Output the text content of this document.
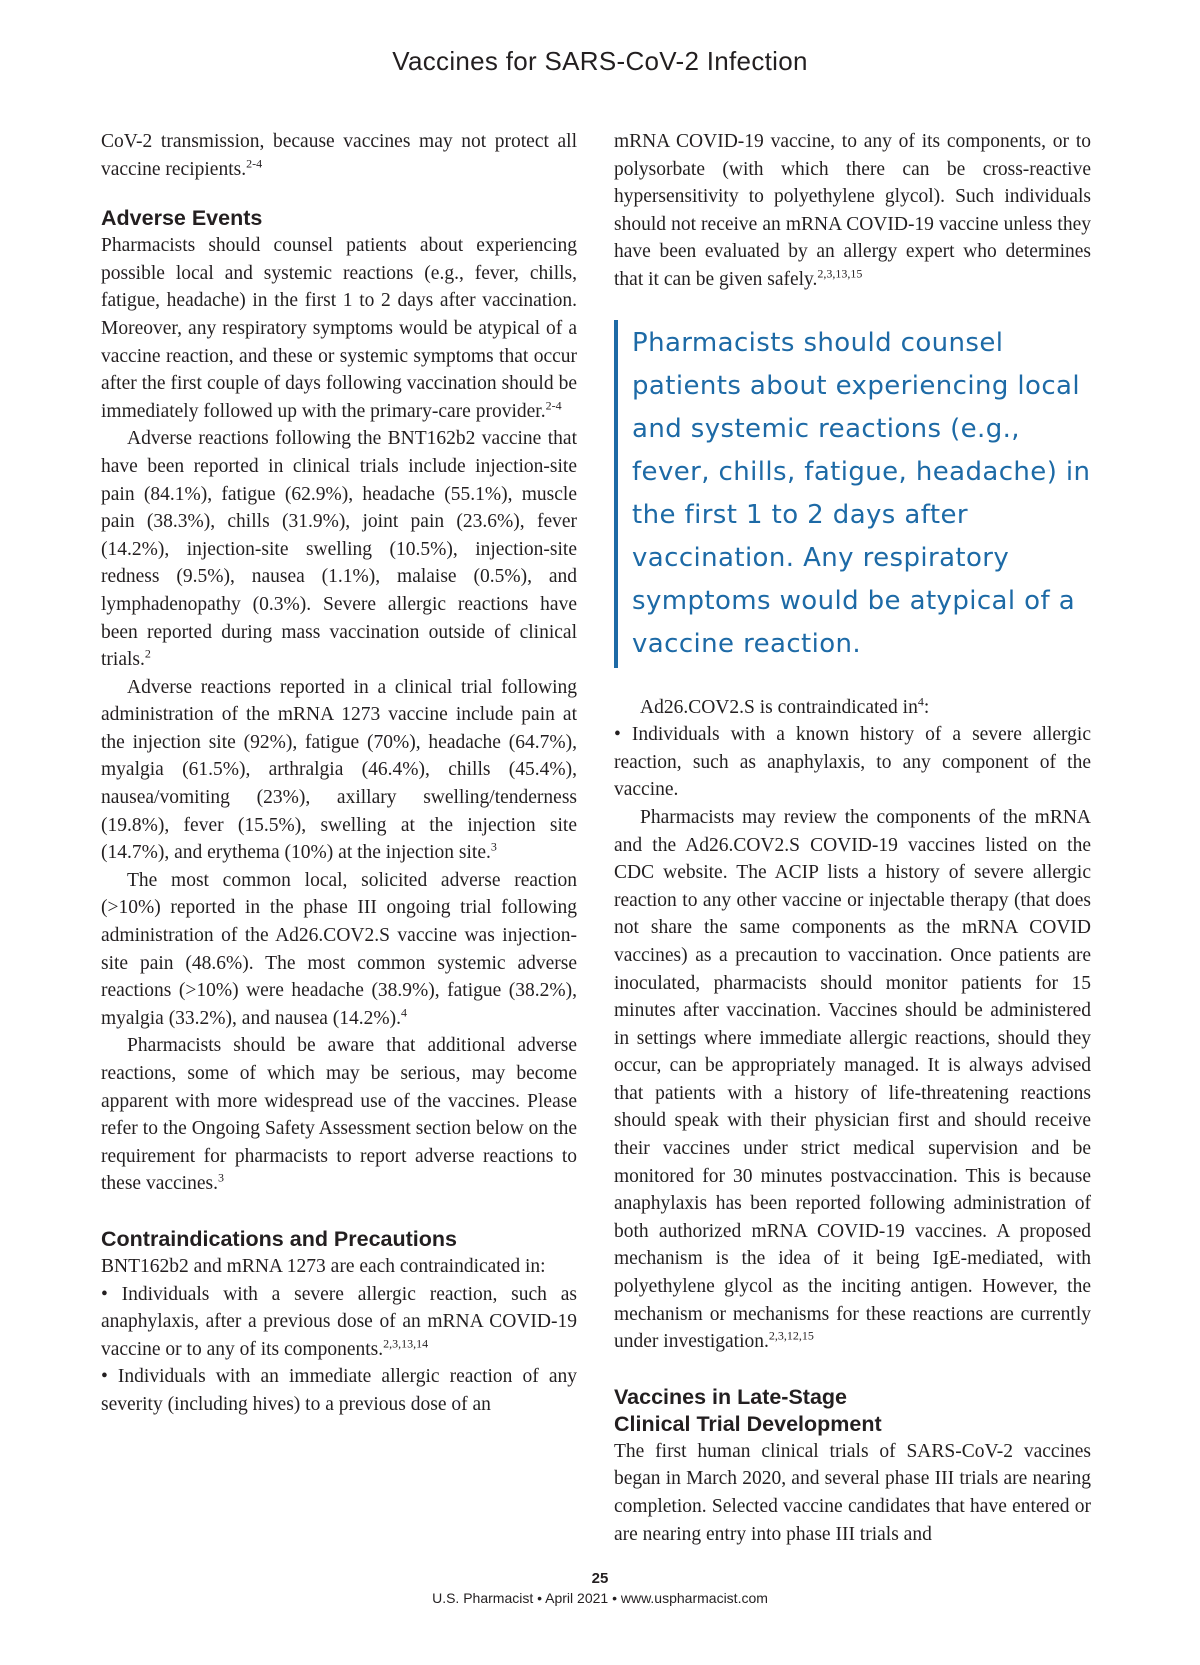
Vaccines for SARS-CoV-2 Infection

CoV-2 transmission, because vaccines may not protect all vaccine recipients.$^{2-4}$

Adverse Events

Pharmacists should counsel patients about experiencing possible local and systemic reactions (e.g., fever, chills, fatigue, headache) in the first 1 to 2 days after vaccination. Moreover, any respiratory symptoms would be atypical of a vaccine reaction, and these or systemic symptoms that occur after the first couple of days following vaccination should be immediately followed up with the primary-care provider.$^{2-4}$

Adverse reactions following the BNT162b2 vaccine that have been reported in clinical trials include injection-site pain (84.1%), fatigue (62.9%), headache (55.1%), muscle pain (38.3%), chills (31.9%), joint pain (23.6%), fever (14.2%), injection-site swelling (10.5%), injection-site redness (9.5%), nausea (1.1%), malaise (0.5%), and lymphadenopathy (0.3%). Severe allergic reactions have been reported during mass vaccination outside of clinical trials.$^2$

Adverse reactions reported in a clinical trial following administration of the mRNA 1273 vaccine include pain at the injection site (92%), fatigue (70%), headache (64.7%), myalgia (61.5%), arthralgia (46.4%), chills (45.4%), nausea/vomiting (23%), axillary swelling/tenderness (19.8%), fever (15.5%), swelling at the injection site (14.7%), and erythema (10%) at the injection site.$^3$

The most common local, solicited adverse reaction (>10%) reported in the phase III ongoing trial following administration of the Ad26.COV2.S vaccine was injection-site pain (48.6%). The most common systemic adverse reactions (>10%) were headache (38.9%), fatigue (38.2%), myalgia (33.2%), and nausea (14.2%).$^4$

Pharmacists should be aware that additional adverse reactions, some of which may be serious, may become apparent with more widespread use of the vaccines. Please refer to the Ongoing Safety Assessment section below on the requirement for pharmacists to report adverse reactions to these vaccines.$^3$

Contraindications and Precautions

BNT162b2 and mRNA 1273 are each contraindicated in:

• Individuals with a severe allergic reaction, such as anaphylaxis, after a previous dose of an mRNA COVID-19 vaccine or to any of its components.$^{2,3,13,14}$

• Individuals with an immediate allergic reaction of any severity (including hives) to a previous dose of an

mRNA COVID-19 vaccine, to any of its components, or to polysorbate (with which there can be cross-reactive hypersensitivity to polyethylene glycol). Such individuals should not receive an mRNA COVID-19 vaccine unless they have been evaluated by an allergy expert who determines that it can be given safely.$^{2,3,13,15}$

Pharmacists should counsel patients about experiencing local and systemic reactions (e.g., fever, chills, fatigue, headache) in the first 1 to 2 days after vaccination. Any respiratory symptoms would be atypical of a vaccine reaction.

Ad26.COV2.S is contraindicated $in^4$:

• Individuals with a known history of a severe allergic reaction, such as anaphylaxis, to any component of the vaccine.

Pharmacists may review the components of the mRNA and the Ad26.COV2.S COVID-19 vaccines listed on the CDC website. The ACIP lists a history of severe allergic reaction to any other vaccine or injectable therapy (that does not share the same components as the mRNA COVID vaccines) as a precaution to vaccination. Once patients are inoculated, pharmacists should monitor patients for 15 minutes after vaccination. Vaccines should be administered in settings where immediate allergic reactions, should they occur, can be appropriately managed. It is always advised that patients with a history of life-threatening reactions should speak with their physician first and should receive their vaccines under strict medical supervision and be monitored for 30 minutes postvaccination. This is because anaphylaxis has been reported following administration of both authorized mRNA COVID-19 vaccines. A proposed mechanism is the idea of it being IgE-mediated, with polyethylene glycol as the inciting antigen. However, the mechanism or mechanisms for these reactions are currently under investigation.$^{2,3,12,15}$

Vaccines in Late-Stage
Clinical Trial Development

The first human clinical trials of SARS-CoV-2 vaccines began in March 2020, and several phase III trials are nearing completion. Selected vaccine candidates that have entered or are nearing entry into phase III trials and

25
U.S. Pharmacist • April 2021 • www.uspharmacist.com
